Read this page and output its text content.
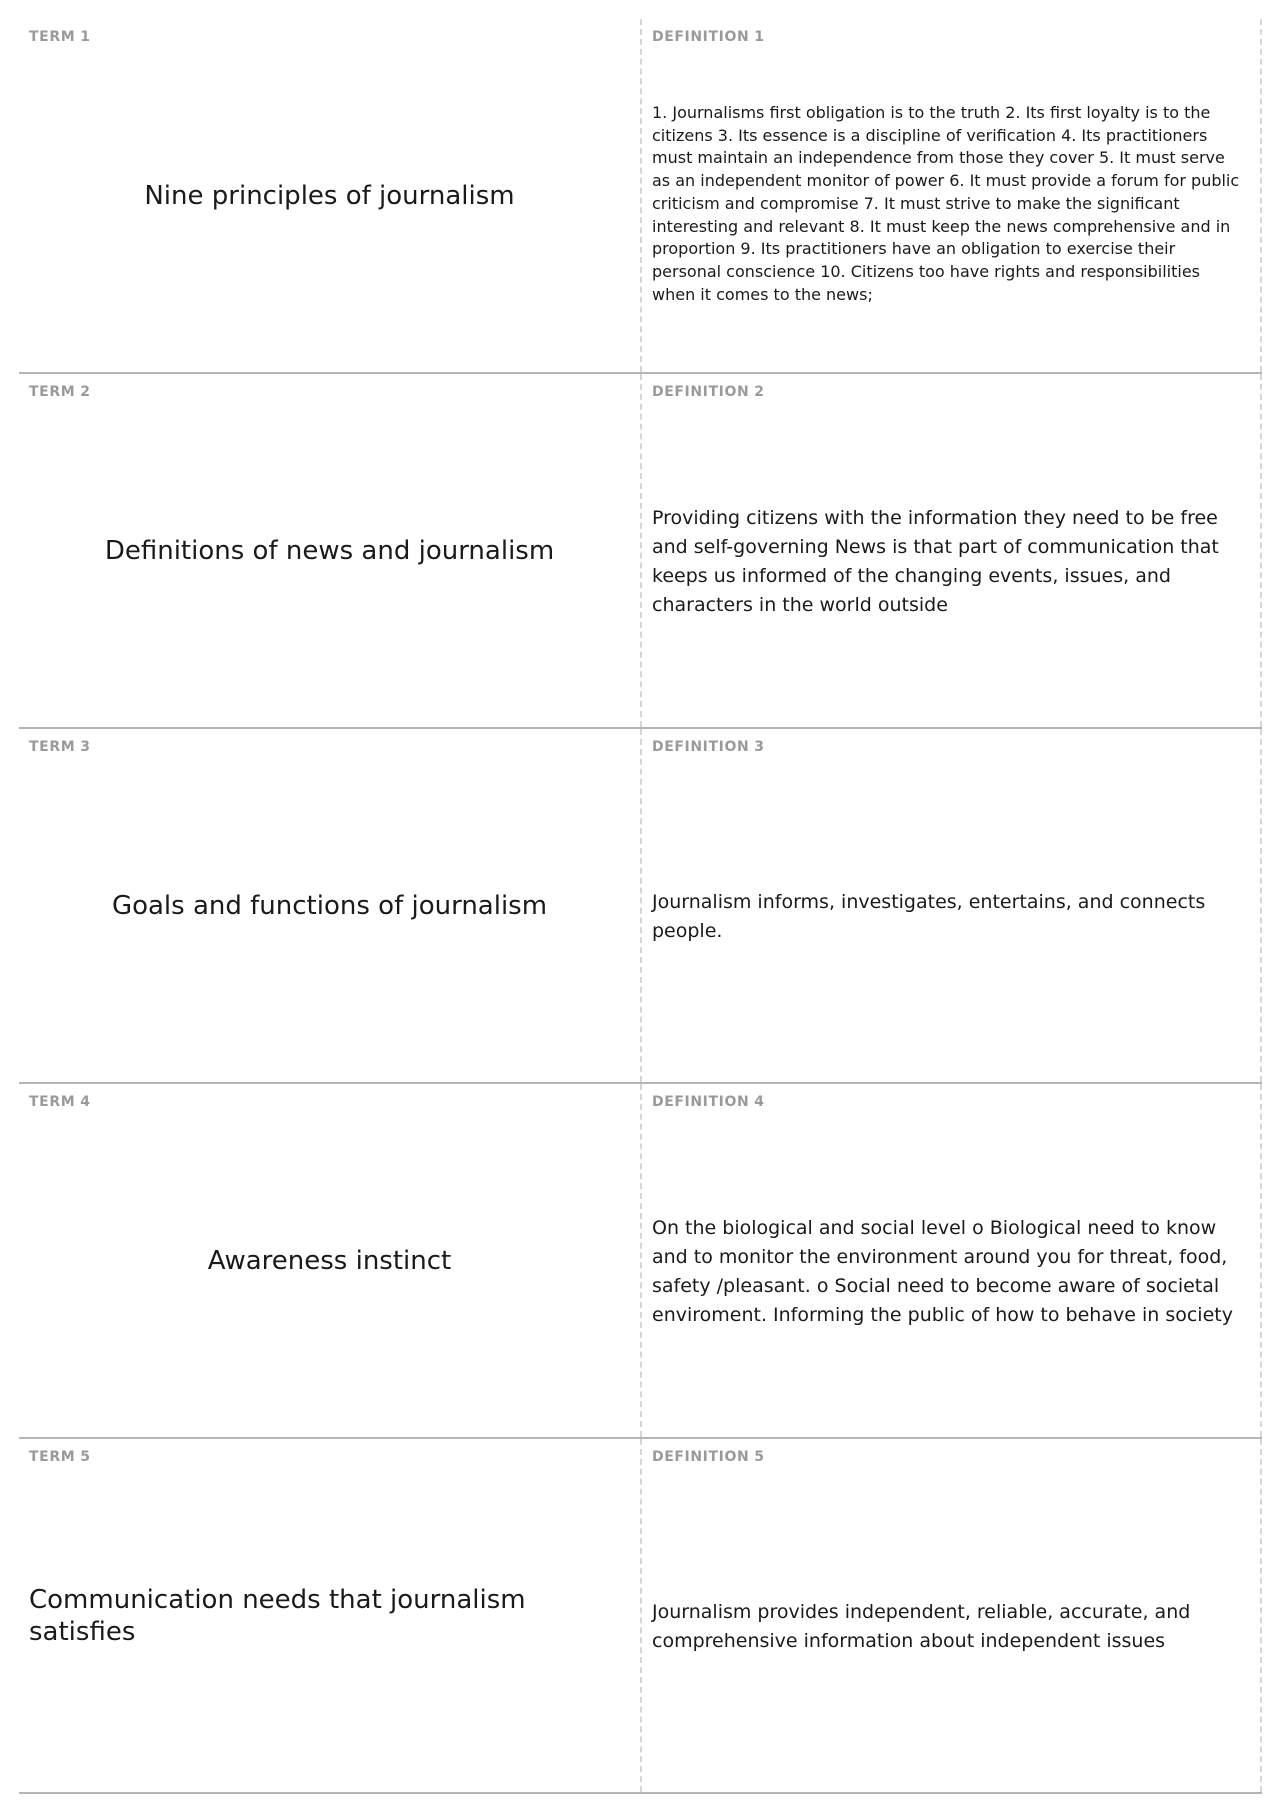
TERM 1
Nine principles of journalism
DEFINITION 1
1. Journalisms first obligation is to the truth 2. Its first loyalty is to the citizens 3. Its essence is a discipline of verification 4. Its practitioners must maintain an independence from those they cover 5. It must serve as an independent monitor of power 6. It must provide a forum for public criticism and compromise 7. It must strive to make the significant interesting and relevant 8. It must keep the news comprehensive and in proportion 9. Its practitioners have an obligation to exercise their personal conscience 10. Citizens too have rights and responsibilities when it comes to the news;
TERM 2
Definitions of news and journalism
DEFINITION 2
Providing citizens with the information they need to be free and self-governing News is that part of communication that keeps us informed of the changing events, issues, and characters in the world outside
TERM 3
Goals and functions of journalism
DEFINITION 3
Journalism informs, investigates, entertains, and connects people.
TERM 4
Awareness instinct
DEFINITION 4
On the biological and social level o Biological need to know and to monitor the environment around you for threat, food, safety /pleasant. o Social need to become aware of societal enviroment. Informing the public of how to behave in society
TERM 5
Communication needs that journalism satisfies
DEFINITION 5
Journalism provides independent, reliable, accurate, and comprehensive information about independent issues
